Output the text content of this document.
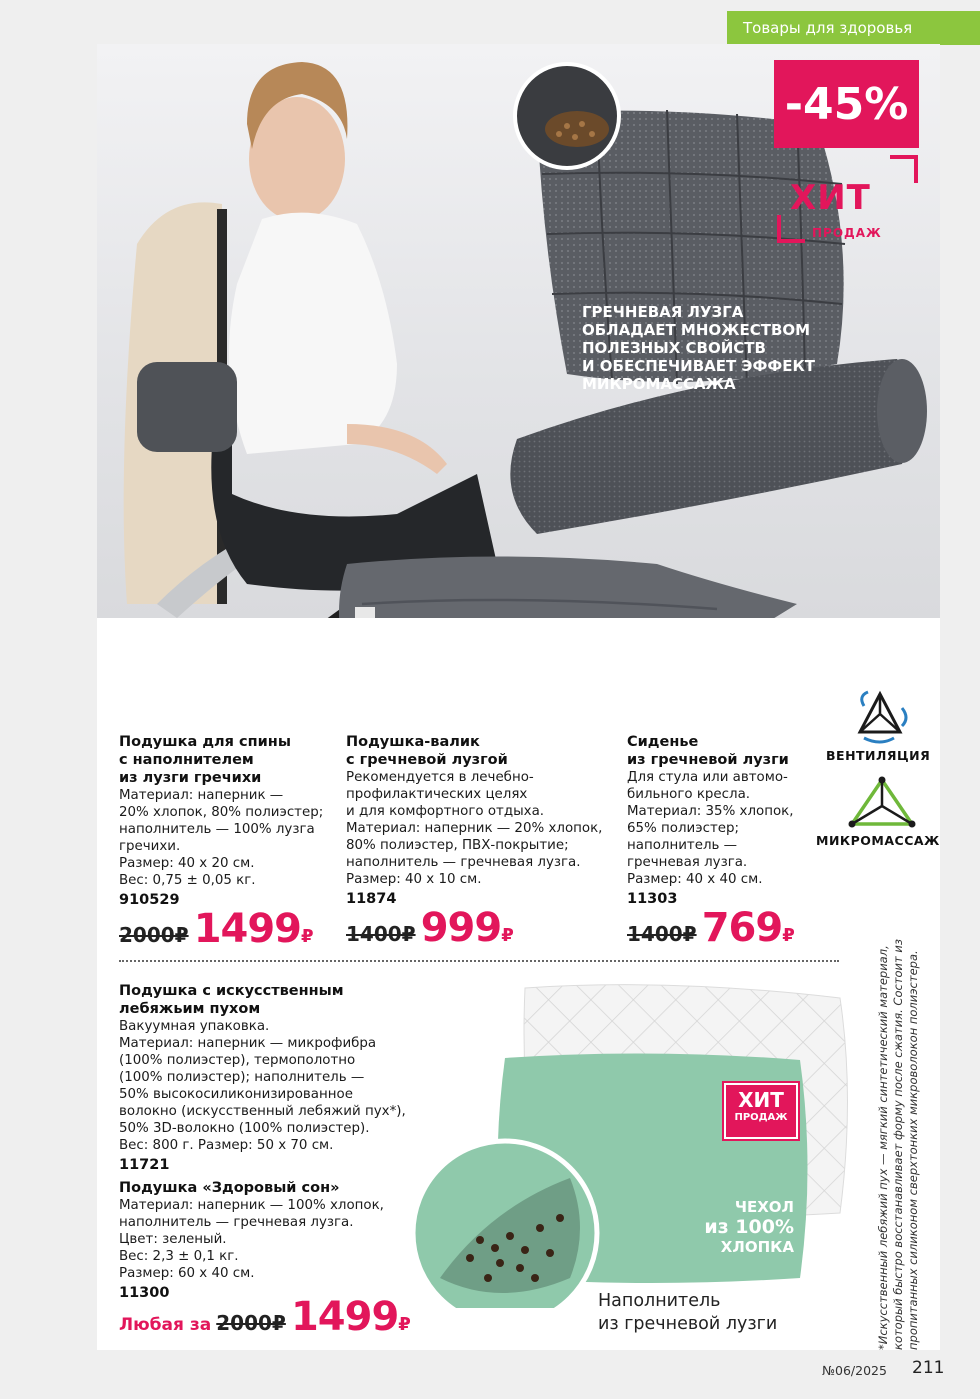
Товары для здоровья
-45%
ХИТ
ПРОДАЖ
ГРЕЧНЕВАЯ ЛУЗГА
ОБЛАДАЕТ МНОЖЕСТВОМ
ПОЛЕЗНЫХ СВОЙСТВ
И ОБЕСПЕЧИВАЕТ ЭФФЕКТ
МИКРОМАССАЖА
Подушка для спины
с наполнителем
из лузги гречихи
Материал: наперник —
20% хлопок, 80% полиэстер;
наполнитель — 100% лузга
гречихи.
Размер: 40 х 20 см.
Вес: 0,75 ± 0,05 кг.
910529
2000₽ 1499₽
Подушка-валик
с гречневой лузгой
Рекомендуется в лечебно-
профилактических целях
и для комфортного отдыха.
Материал: наперник — 20% хлопок,
80% полиэстер, ПВХ-покрытие;
наполнитель — гречневая лузга.
Размер: 40 х 10 см.
11874
1400₽ 999₽
Сиденье
из гречневой лузги
Для стула или автомо-
бильного кресла.
Материал: 35% хлопок,
65% полиэстер;
наполнитель —
гречневая лузга.
Размер: 40 х 40 см.
11303
1400₽ 769₽
ВЕНТИЛЯЦИЯ
МИКРОМАССАЖ
ХИТ
ПРОДАЖ
ЧЕХОЛ
из 100%
ХЛОПКА
Подушка с искусственным
лебяжьим пухом
Вакуумная упаковка.
Материал: наперник — микрофибра
(100% полиэстер), термополотно
(100% полиэстер); наполнитель —
50% высокосиликонизированное
волокно (искусственный лебяжий пух*),
50% 3D-волокно (100% полиэстер).
Вес: 800 г. Размер: 50 х 70 см.
11721
Подушка «Здоровый сон»
Материал: наперник — 100% хлопок,
наполнитель — гречневая лузга.
Цвет: зеленый.
Вес: 2,3 ± 0,1 кг.
Размер: 60 х 40 см.
11300
Любая за 2000₽ 1499₽
Наполнитель
из гречневой лузги	*Искусственный лебяжий пух — мягкий синтетический материал, который быстро восстанавливает форму после сжатия. Состоит из пропитанных силиконом сверхтонких микроволокон полиэстера.
№06/2025 211
